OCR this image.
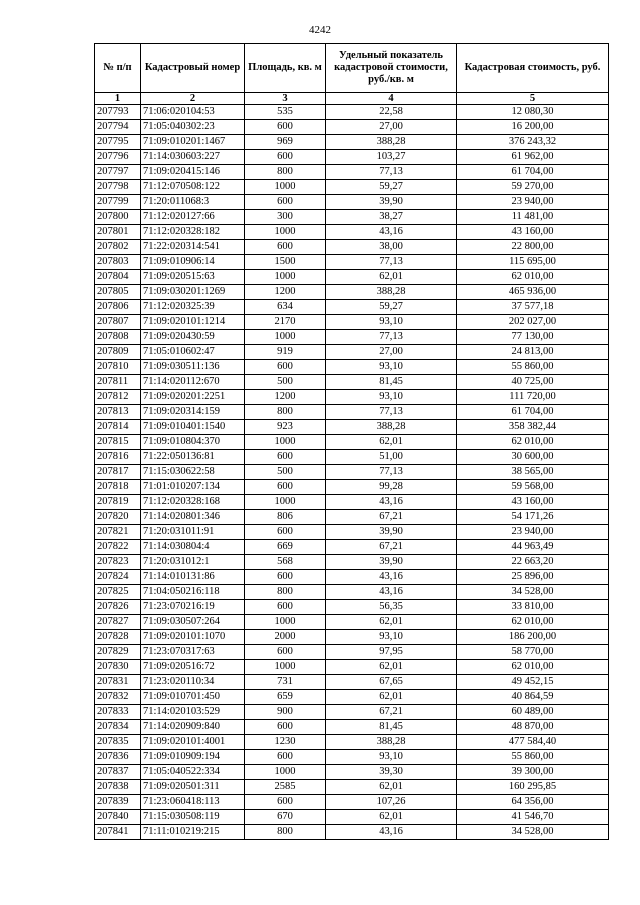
4242
№ п/п	Кадастровый номер	Площадь, кв. м	Удельный показатель кадастровой стоимости, руб./кв. м	Кадастровая стоимость, руб.
1	2	3	4	5
207793	71:06:020104:53	535	22,58	12 080,30
207794	71:05:040302:23	600	27,00	16 200,00
207795	71:09:010201:1467	969	388,28	376 243,32
207796	71:14:030603:227	600	103,27	61 962,00
207797	71:09:020415:146	800	77,13	61 704,00
207798	71:12:070508:122	1000	59,27	59 270,00
207799	71:20:011068:3	600	39,90	23 940,00
207800	71:12:020127:66	300	38,27	11 481,00
207801	71:12:020328:182	1000	43,16	43 160,00
207802	71:22:020314:541	600	38,00	22 800,00
207803	71:09:010906:14	1500	77,13	115 695,00
207804	71:09:020515:63	1000	62,01	62 010,00
207805	71:09:030201:1269	1200	388,28	465 936,00
207806	71:12:020325:39	634	59,27	37 577,18
207807	71:09:020101:1214	2170	93,10	202 027,00
207808	71:09:020430:59	1000	77,13	77 130,00
207809	71:05:010602:47	919	27,00	24 813,00
207810	71:09:030511:136	600	93,10	55 860,00
207811	71:14:020112:670	500	81,45	40 725,00
207812	71:09:020201:2251	1200	93,10	111 720,00
207813	71:09:020314:159	800	77,13	61 704,00
207814	71:09:010401:1540	923	388,28	358 382,44
207815	71:09:010804:370	1000	62,01	62 010,00
207816	71:22:050136:81	600	51,00	30 600,00
207817	71:15:030622:58	500	77,13	38 565,00
207818	71:01:010207:134	600	99,28	59 568,00
207819	71:12:020328:168	1000	43,16	43 160,00
207820	71:14:020801:346	806	67,21	54 171,26
207821	71:20:031011:91	600	39,90	23 940,00
207822	71:14:030804:4	669	67,21	44 963,49
207823	71:20:031012:1	568	39,90	22 663,20
207824	71:14:010131:86	600	43,16	25 896,00
207825	71:04:050216:118	800	43,16	34 528,00
207826	71:23:070216:19	600	56,35	33 810,00
207827	71:09:030507:264	1000	62,01	62 010,00
207828	71:09:020101:1070	2000	93,10	186 200,00
207829	71:23:070317:63	600	97,95	58 770,00
207830	71:09:020516:72	1000	62,01	62 010,00
207831	71:23:020110:34	731	67,65	49 452,15
207832	71:09:010701:450	659	62,01	40 864,59
207833	71:14:020103:529	900	67,21	60 489,00
207834	71:14:020909:840	600	81,45	48 870,00
207835	71:09:020101:4001	1230	388,28	477 584,40
207836	71:09:010909:194	600	93,10	55 860,00
207837	71:05:040522:334	1000	39,30	39 300,00
207838	71:09:020501:311	2585	62,01	160 295,85
207839	71:23:060418:113	600	107,26	64 356,00
207840	71:15:030508:119	670	62,01	41 546,70
207841	71:11:010219:215	800	43,16	34 528,00
